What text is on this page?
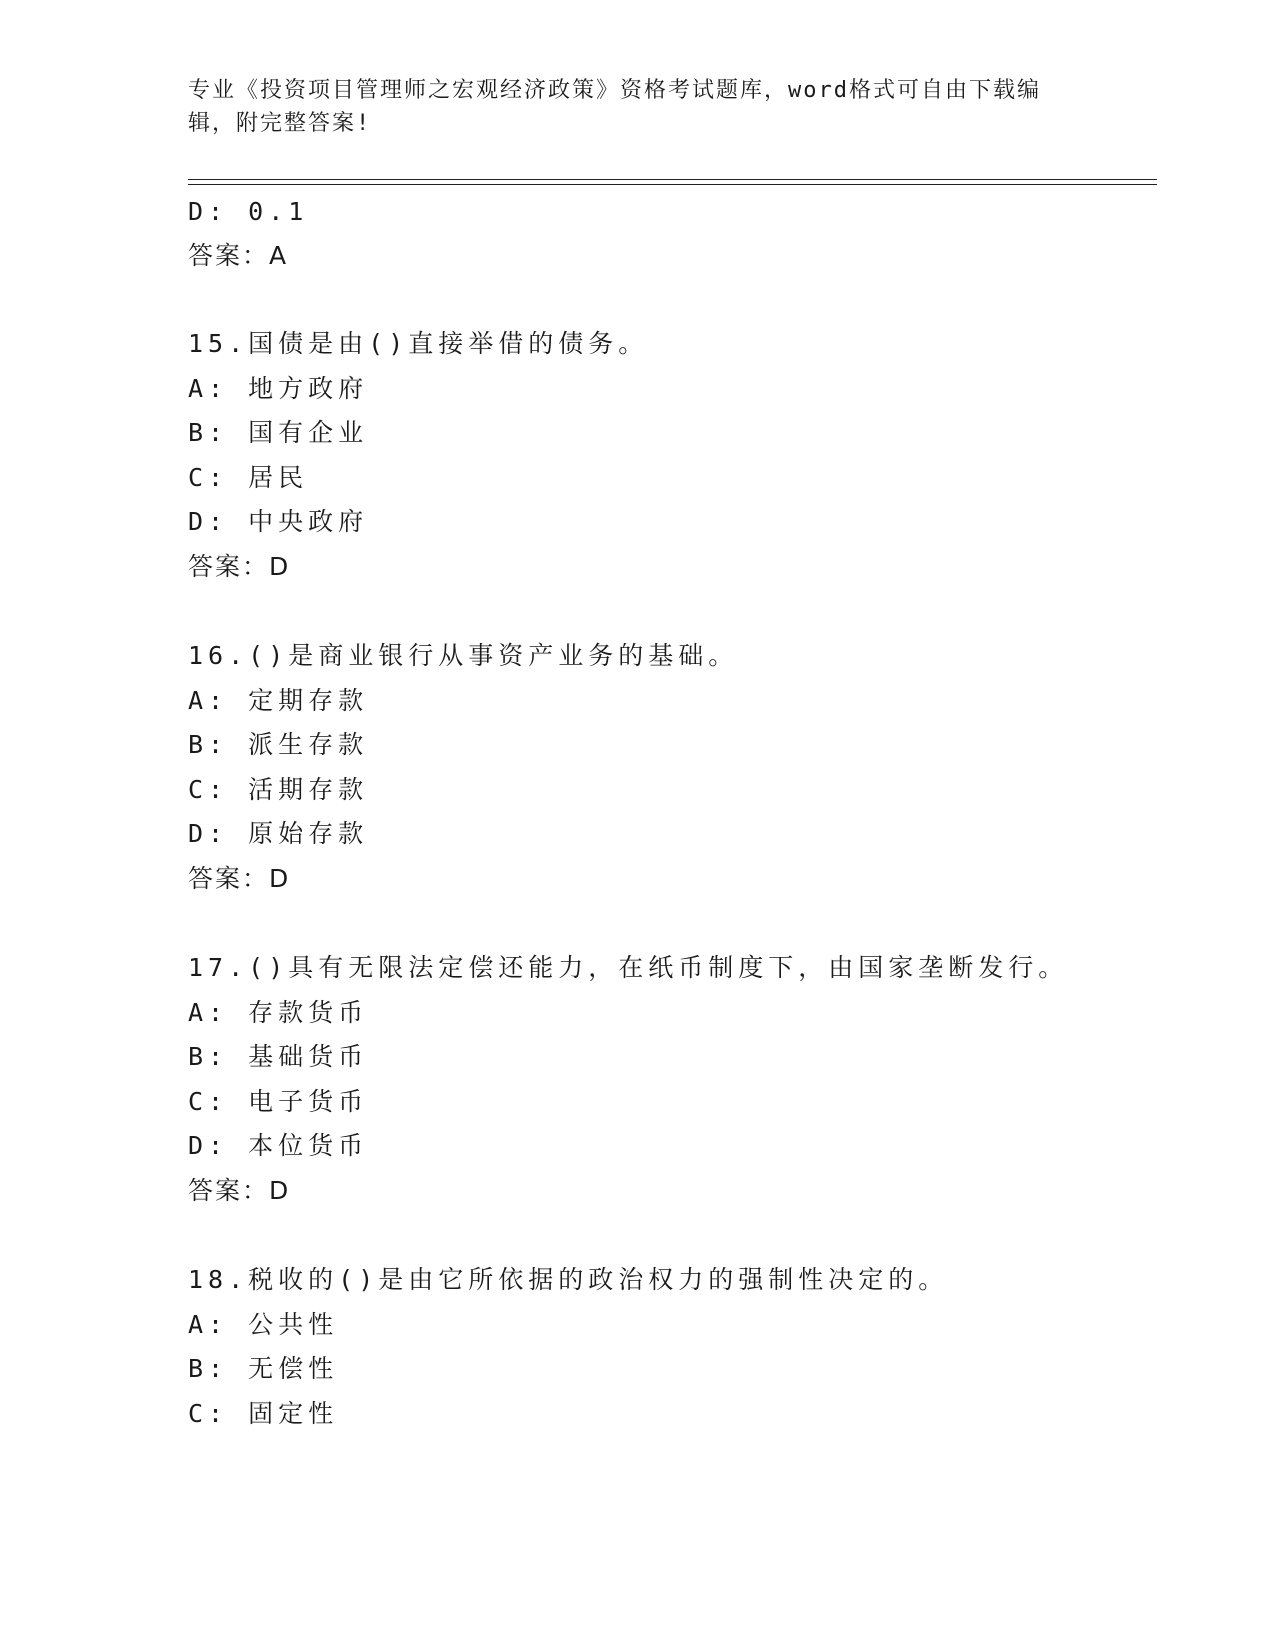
专业《投资项目管理师之宏观经济政策》资格考试题库，word格式可自由下载编辑，附完整答案!
D: 0.1
答案：A
15.国债是由()直接举借的债务。
A: 地方政府
B: 国有企业
C: 居民
D: 中央政府
答案：D
16.()是商业银行从事资产业务的基础。
A: 定期存款
B: 派生存款
C: 活期存款
D: 原始存款
答案：D
17.()具有无限法定偿还能力，在纸币制度下，由国家垄断发行。
A: 存款货币
B: 基础货币
C: 电子货币
D: 本位货币
答案：D
18.税收的()是由它所依据的政治权力的强制性决定的。
A: 公共性
B: 无偿性
C: 固定性
